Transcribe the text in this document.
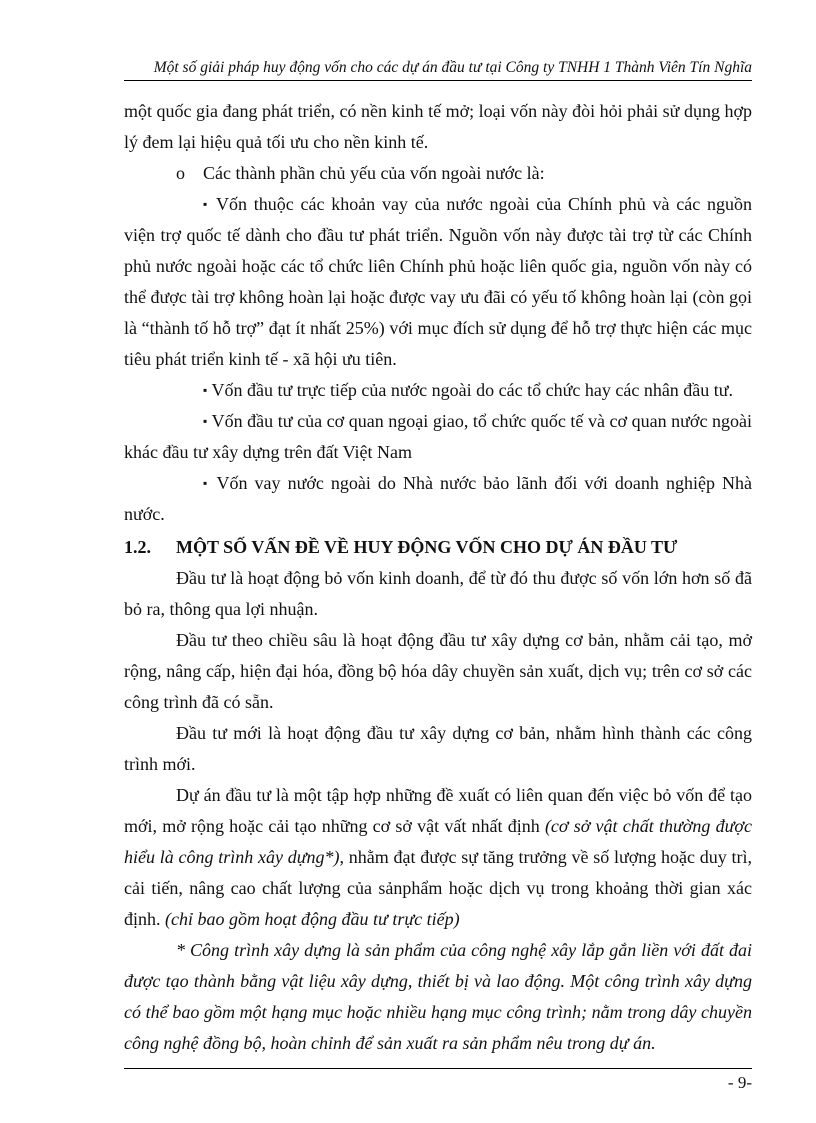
Một số giải pháp huy động vốn cho các dự án đầu tư tại Công ty TNHH 1 Thành Viên Tín Nghĩa

một quốc gia đang phát triển, có nền kinh tế mở; loại vốn này đòi hỏi phải sử dụng hợp lý đem lại hiệu quả tối ưu cho nền kinh tế.

o Các thành phần chủ yếu của vốn ngoài nước là:

▪ Vốn thuộc các khoản vay của nước ngoài của Chính phủ và các nguồn viện trợ quốc tế dành cho đầu tư phát triển. Nguồn vốn này được tài trợ từ các Chính phủ nước ngoài hoặc các tổ chức liên Chính phủ hoặc liên quốc gia, nguồn vốn này có thể được tài trợ không hoàn lại hoặc được vay ưu đãi có yếu tố không hoàn lại (còn gọi là “thành tố hỗ trợ” đạt ít nhất 25%) với mục đích sử dụng để hỗ trợ thực hiện các mục tiêu phát triển kinh tế - xã hội ưu tiên.

▪ Vốn đầu tư trực tiếp của nước ngoài do các tổ chức hay các nhân đầu tư.

▪ Vốn đầu tư của cơ quan ngoại giao, tổ chức quốc tế và cơ quan nước ngoài khác đầu tư xây dựng trên đất Việt Nam

▪ Vốn vay nước ngoài do Nhà nước bảo lãnh đối với doanh nghiệp Nhà nước.

1.2. MỘT SỐ VẤN ĐỀ VỀ HUY ĐỘNG VỐN CHO DỰ ÁN ĐẦU TƯ

Đầu tư là hoạt động bỏ vốn kinh doanh, để từ đó thu được số vốn lớn hơn số đã bỏ ra, thông qua lợi nhuận.

Đầu tư theo chiều sâu là hoạt động đầu tư xây dựng cơ bản, nhằm cải tạo, mở rộng, nâng cấp, hiện đại hóa, đồng bộ hóa dây chuyền sản xuất, dịch vụ; trên cơ sở các công trình đã có sẵn.

Đầu tư mới là hoạt động đầu tư xây dựng cơ bản, nhằm hình thành các công trình mới.

Dự án đầu tư là một tập hợp những đề xuất có liên quan đến việc bỏ vốn để tạo mới, mở rộng hoặc cải tạo những cơ sở vật vất nhất định (cơ sở vật chất thường được hiểu là công trình xây dựng*), nhằm đạt được sự tăng trưởng về số lượng hoặc duy trì, cải tiến, nâng cao chất lượng của sảnphẩm hoặc dịch vụ trong khoảng thời gian xác định. (chỉ bao gồm hoạt động đầu tư trực tiếp)

* Công trình xây dựng là sản phẩm của công nghệ xây lắp gắn liền với đất đai được tạo thành bằng vật liệu xây dựng, thiết bị và lao động. Một công trình xây dựng có thể bao gồm một hạng mục hoặc nhiều hạng mục công trình; nằm trong dây chuyền công nghệ đồng bộ, hoàn chỉnh để sản xuất ra sản phẩm nêu trong dự án.

- 9-
